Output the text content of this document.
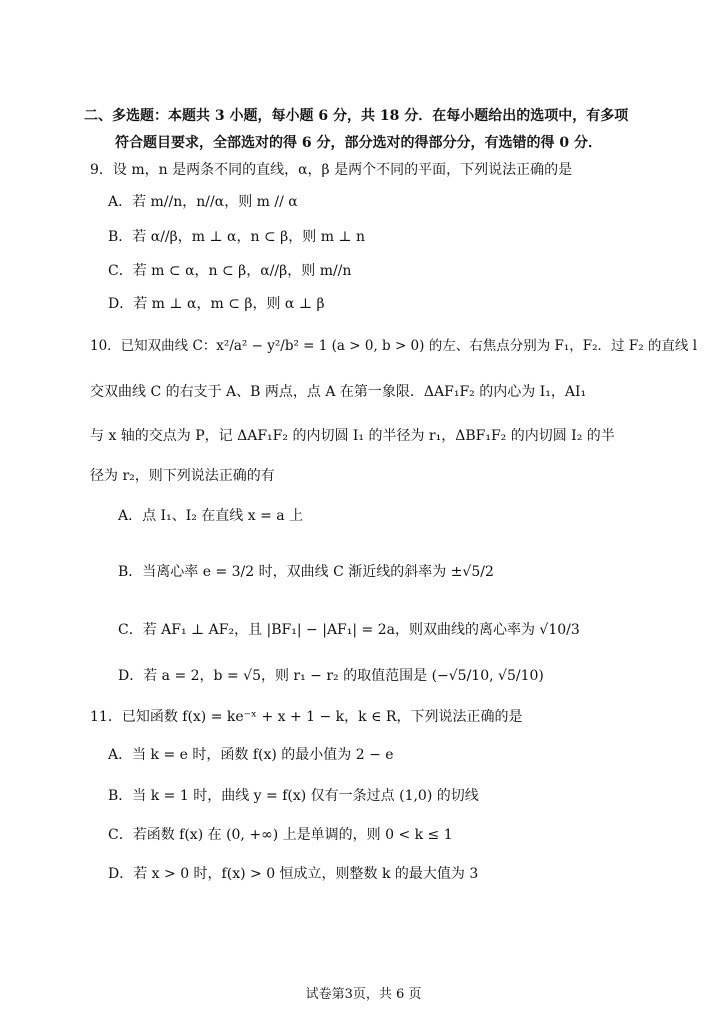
二、多选题：本题共 3 小题，每小题 6 分，共 18 分．在每小题给出的选项中，有多项
符合题目要求，全部选对的得 6 分，部分选对的得部分分，有选错的得 0 分．
9．设 m，n 是两条不同的直线，α，β 是两个不同的平面，下列说法正确的是
A．若 m//n，n//α，则 m // α
B．若 α//β，m ⊥ α，n ⊂ β，则 m ⊥ n
C．若 m ⊂ α，n ⊂ β，α//β，则 m//n
D．若 m ⊥ α，m ⊂ β，则 α ⊥ β
10．已知双曲线 C：x²/a² − y²/b² = 1 (a > 0, b > 0) 的左、右焦点分别为 F₁，F₂．过 F₂ 的直线 l
交双曲线 C 的右支于 A、B 两点，点 A 在第一象限．ΔAF₁F₂ 的内心为 I₁，AI₁
与 x 轴的交点为 P，记 ΔAF₁F₂ 的内切圆 I₁ 的半径为 r₁，ΔBF₁F₂ 的内切圆 I₂ 的半
径为 r₂，则下列说法正确的有
A．点 I₁、I₂ 在直线 x = a 上
B．当离心率 e = 3/2 时，双曲线 C 渐近线的斜率为 ±√5/2
C．若 AF₁ ⊥ AF₂，且 |BF₁| − |AF₁| = 2a，则双曲线的离心率为 √10/3
D．若 a = 2，b = √5，则 r₁ − r₂ 的取值范围是 (−√5/10, √5/10)
11．已知函数 f(x) = ke⁻ˣ + x + 1 − k，k ∈ R，下列说法正确的是
A．当 k = e 时，函数 f(x) 的最小值为 2 − e
B．当 k = 1 时，曲线 y = f(x) 仅有一条过点 (1,0) 的切线
C．若函数 f(x) 在 (0, +∞) 上是单调的，则 0 < k ≤ 1
D．若 x > 0 时，f(x) > 0 恒成立，则整数 k 的最大值为 3
试卷第3页，共 6 页
